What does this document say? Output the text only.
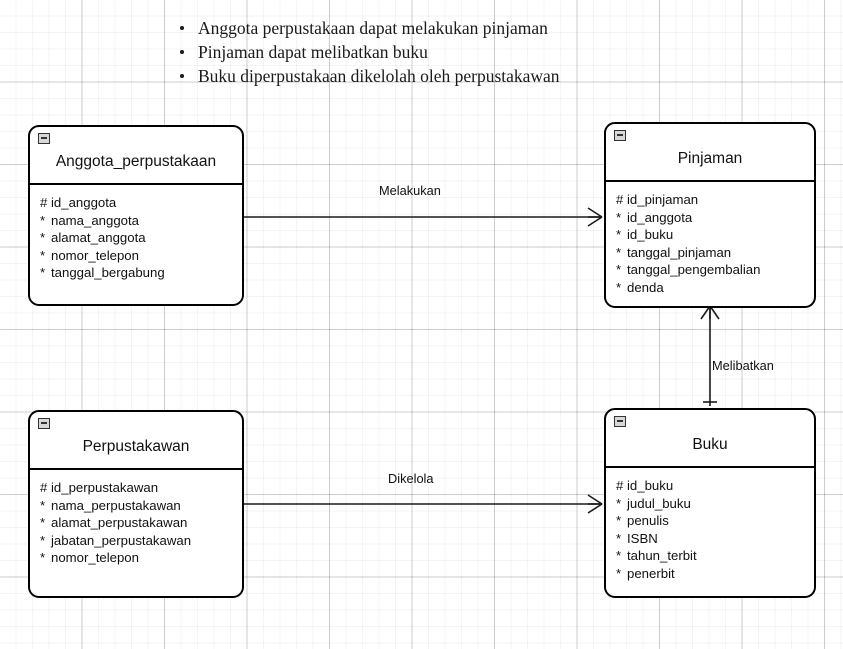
Anggota perpustakaan dapat melakukan pinjaman
Pinjaman dapat melibatkan buku
Buku diperpustakaan dikelolah oleh perpustakawan
Melakukan
Melibatkan
Dikelola
Anggota_perpustakaan
# id_anggota
* nama_anggota
* alamat_anggota
* nomor_telepon
* tanggal_bergabung
Pinjaman
# id_pinjaman
* id_anggota
* id_buku
* tanggal_pinjaman
* tanggal_pengembalian
* denda
Perpustakawan
# id_perpustakawan
* nama_perpustakawan
* alamat_perpustakawan
* jabatan_perpustakawan
* nomor_telepon
Buku
# id_buku
* judul_buku
* penulis
* ISBN
* tahun_terbit
* penerbit
